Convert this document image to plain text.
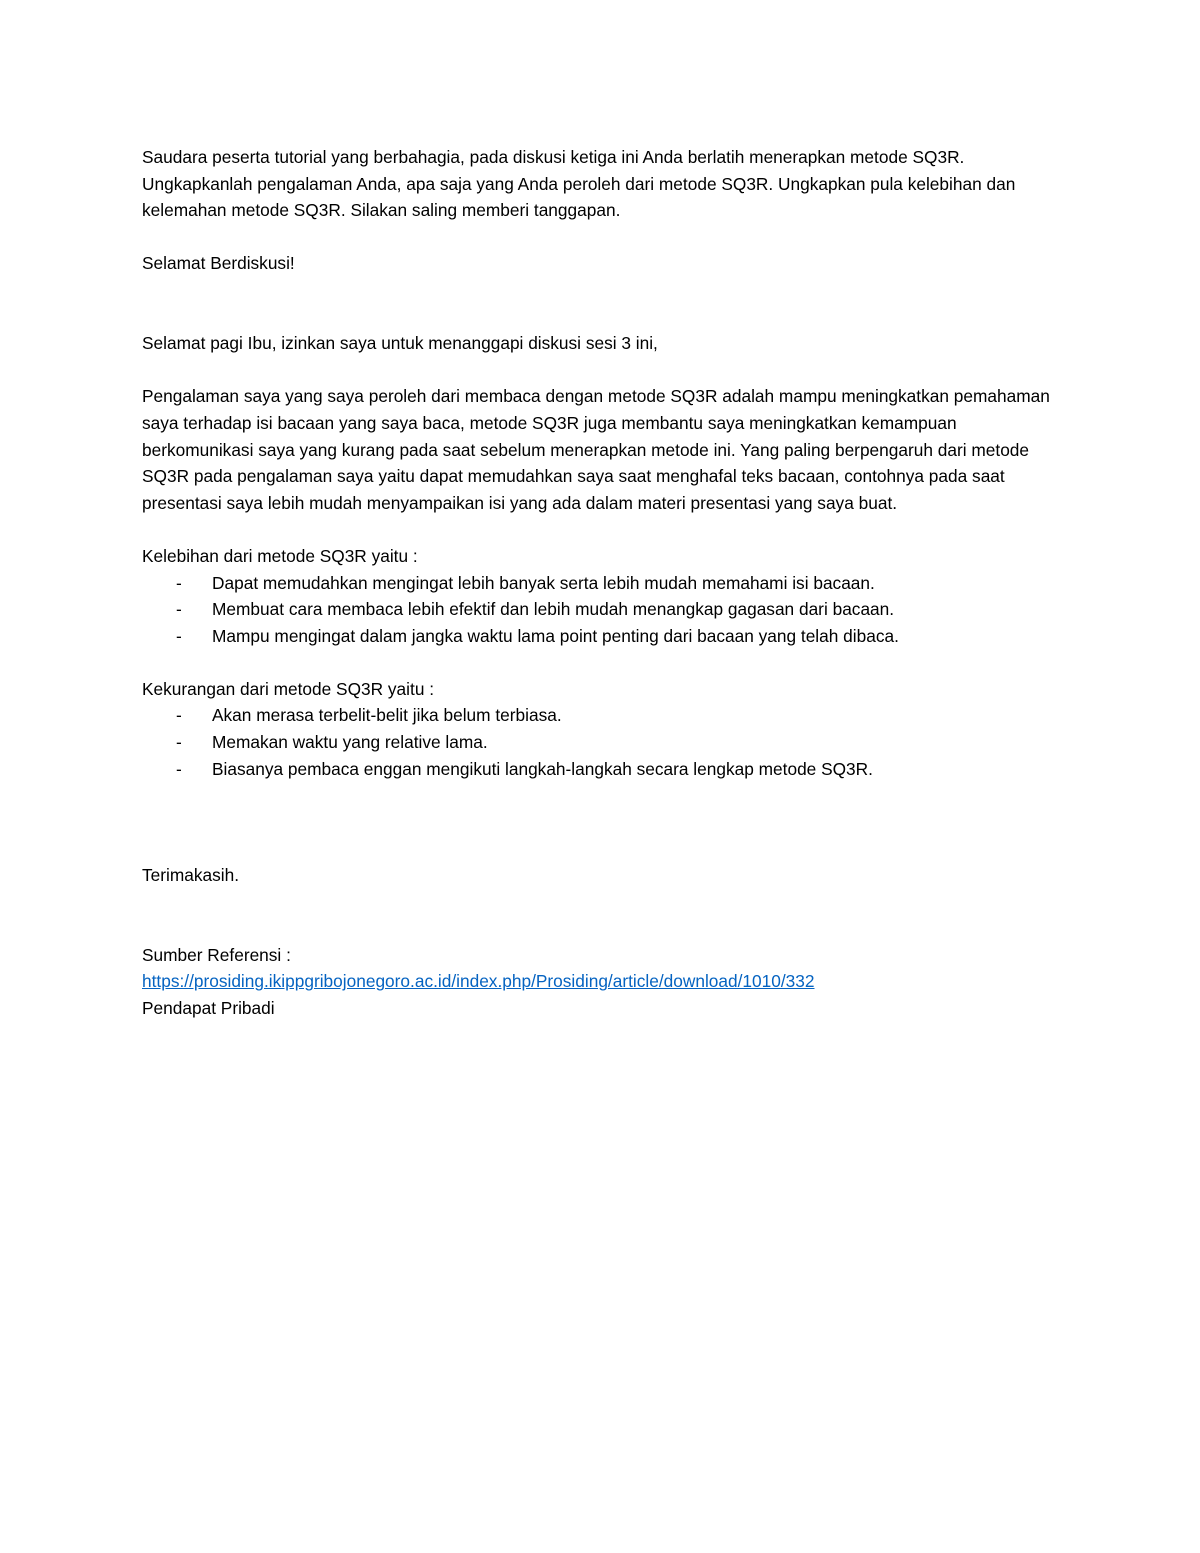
Saudara peserta tutorial yang berbahagia, pada diskusi ketiga ini Anda berlatih menerapkan metode SQ3R. Ungkapkanlah pengalaman Anda, apa saja yang Anda peroleh dari metode SQ3R. Ungkapkan pula kelebihan dan kelemahan metode SQ3R. Silakan saling memberi tanggapan.

Selamat Berdiskusi!

Selamat pagi Ibu, izinkan saya untuk menanggapi diskusi sesi 3 ini,

Pengalaman saya yang saya peroleh dari membaca dengan metode SQ3R adalah mampu meningkatkan pemahaman saya terhadap isi bacaan yang saya baca, metode SQ3R juga membantu saya meningkatkan kemampuan berkomunikasi saya yang kurang pada saat sebelum menerapkan metode ini. Yang paling berpengaruh dari metode SQ3R pada pengalaman saya yaitu dapat memudahkan saya saat menghafal teks bacaan, contohnya pada saat presentasi saya lebih mudah menyampaikan isi yang ada dalam materi presentasi yang saya buat.

Kelebihan dari metode SQ3R yaitu :

- Dapat memudahkan mengingat lebih banyak serta lebih mudah memahami isi bacaan.
- Membuat cara membaca lebih efektif dan lebih mudah menangkap gagasan dari bacaan.
- Mampu mengingat dalam jangka waktu lama point penting dari bacaan yang telah dibaca.

Kekurangan dari metode SQ3R yaitu :

- Akan merasa terbelit-belit jika belum terbiasa.
- Memakan waktu yang relative lama.
- Biasanya pembaca enggan mengikuti langkah-langkah secara lengkap metode SQ3R.

Terimakasih.

Sumber Referensi :

https://prosiding.ikippgribojonegoro.ac.id/index.php/Prosiding/article/download/1010/332

Pendapat Pribadi
